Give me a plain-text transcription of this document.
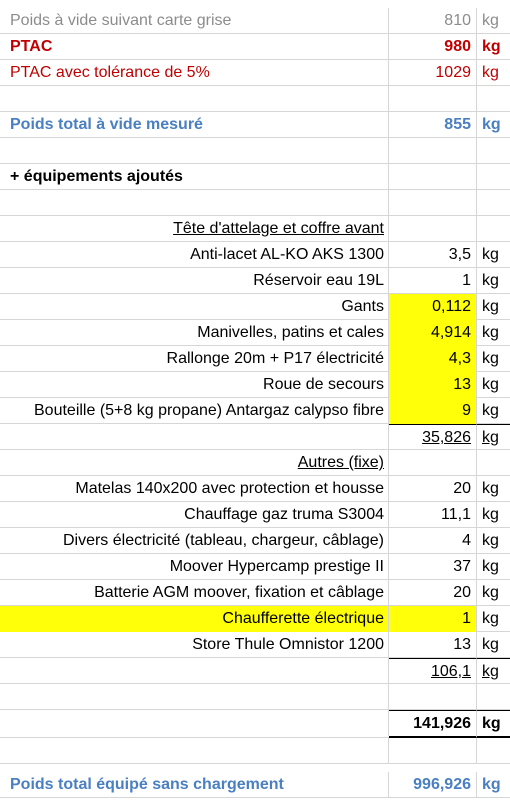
Poids à vide suivant carte grise	810 kg
PTAC	980 kg
PTAC avec tolérance de 5%	1029 kg
Poids total à vide mesuré	855 kg
+ équipements ajoutés
Tête d'attelage et coffre avant
Anti-lacet AL-KO AKS 1300	3,5 kg
Réservoir eau 19L	1 kg
Gants	0,112 kg
Manivelles, patins et cales	4,914 kg
Rallonge 20m + P17 électricité	4,3 kg
Roue de secours	13 kg
Bouteille (5+8 kg propane) Antargaz calypso fibre	9 kg
35,826 kg
Autres (fixe)
Matelas 140x200 avec protection et housse	20 kg
Chauffage gaz truma S3004	11,1 kg
Divers électricité (tableau, chargeur, câblage)	4 kg
Moover Hypercamp prestige II	37 kg
Batterie AGM moover, fixation et câblage	20 kg
Chaufferette électrique	1 kg
Store Thule Omnistor 1200	13 kg
106,1 kg
141,926 kg
Poids total équipé sans chargement	996,926 kg
